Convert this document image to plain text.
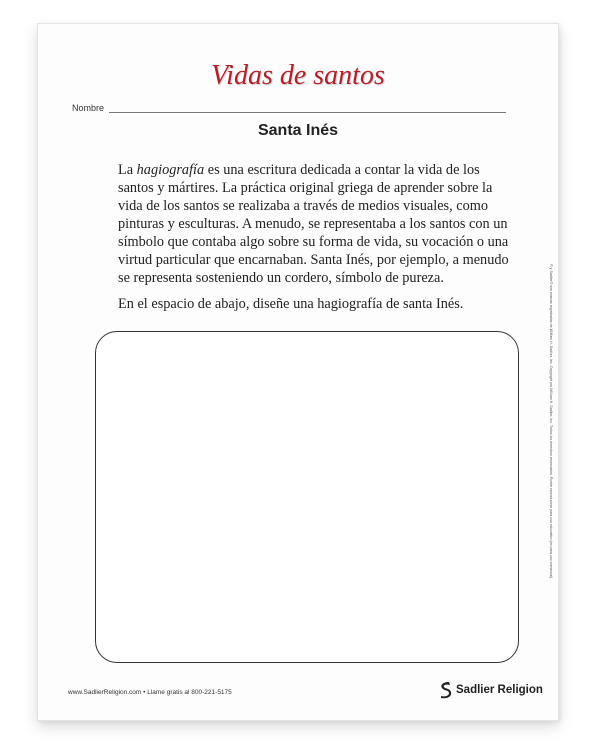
Vidas de santos
Nombre
Santa Inés

La hagiografía es una escritura dedicada a contar la vida de los santos y mártires. La práctica original griega de aprender sobre la vida de los santos se realizaba a través de medios visuales, como pinturas y esculturas. A menudo, se representaba a los santos con un símbolo que contaba algo sobre su forma de vida, su vocación o una virtud particular que encarnaban. Santa Inés, por ejemplo, a menudo se representa sosteniendo un cordero, símbolo de pureza.

En el espacio de abajo, diseñe una hagiografía de santa Inés.

www.SadlierReligion.com • Llame gratis al 800-221-5175	Sadlier Religion
® y Sadlier® son marcas registradas de William H. Sadlier, Inc. Copyright por William H. Sadlier, Inc. Todos los derechos reservados. Puede reproducirse para uso educativo (no para uso comercial).
